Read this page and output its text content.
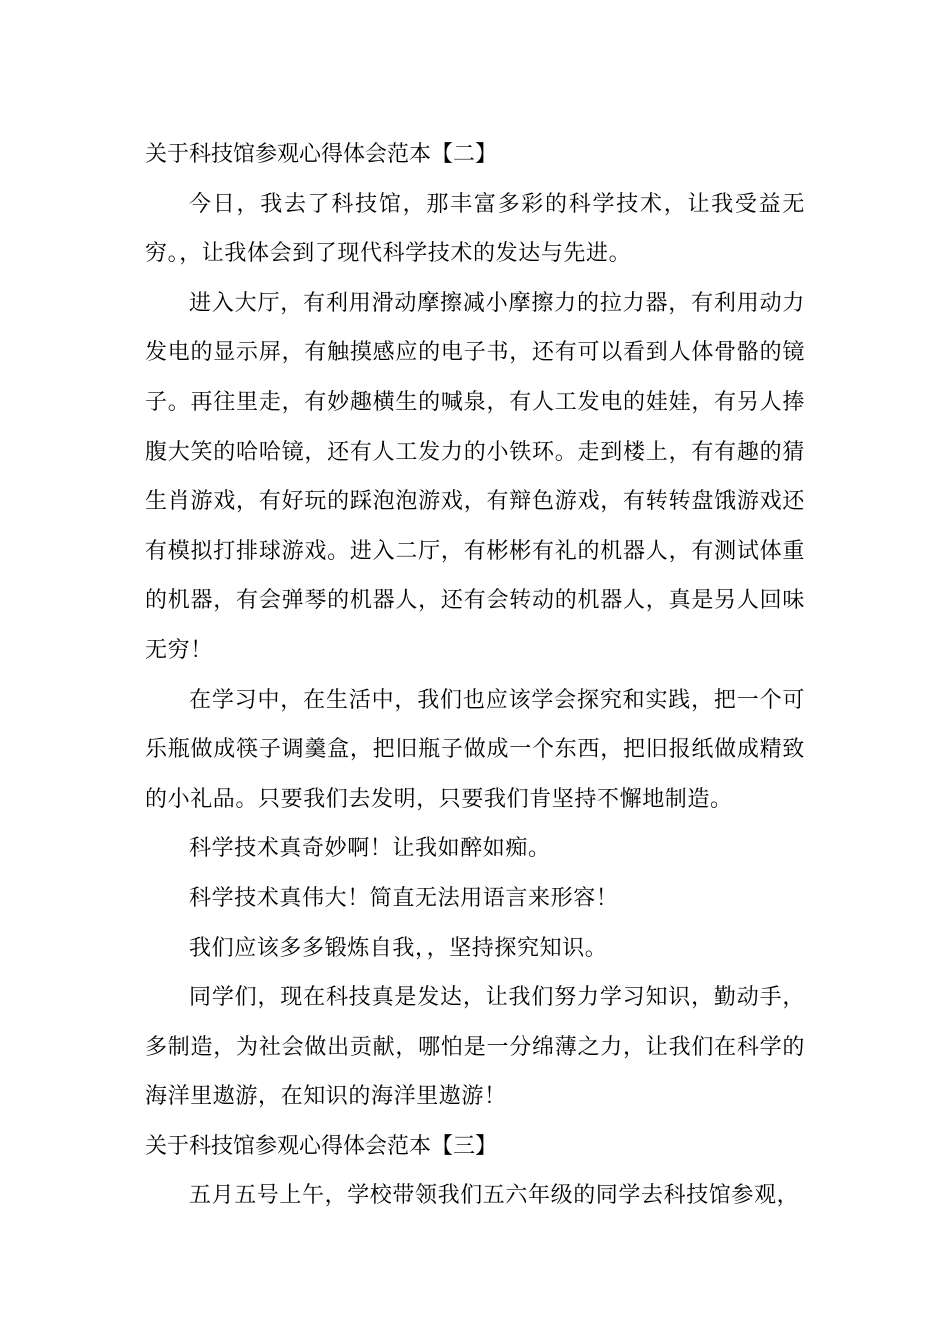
关于科技馆参观心得体会范本【二】

今日，我去了科技馆，那丰富多彩的科学技术，让我受益无穷。，让我体会到了现代科学技术的发达与先进。

进入大厅，有利用滑动摩擦减小摩擦力的拉力器，有利用动力发电的显示屏，有触摸感应的电子书，还有可以看到人体骨骼的镜子。再往里走，有妙趣横生的喊泉，有人工发电的娃娃，有另人捧腹大笑的哈哈镜，还有人工发力的小铁环。走到楼上，有有趣的猜生肖游戏，有好玩的踩泡泡游戏，有辩色游戏，有转转盘饿游戏还有模拟打排球游戏。进入二厅，有彬彬有礼的机器人，有测试体重的机器，有会弹琴的机器人，还有会转动的机器人，真是另人回味无穷！

在学习中，在生活中，我们也应该学会探究和实践，把一个可乐瓶做成筷子调羹盒，把旧瓶子做成一个东西，把旧报纸做成精致的小礼品。只要我们去发明，只要我们肯坚持不懈地制造。

科学技术真奇妙啊！让我如醉如痴。

科学技术真伟大！简直无法用语言来形容！

我们应该多多锻炼自我，，坚持探究知识。

同学们，现在科技真是发达，让我们努力学习知识，勤动手，多制造，为社会做出贡献，哪怕是一分绵薄之力，让我们在科学的海洋里遨游，在知识的海洋里遨游！

关于科技馆参观心得体会范本【三】

五月五号上午，学校带领我们五六年级的同学去科技馆参观，
